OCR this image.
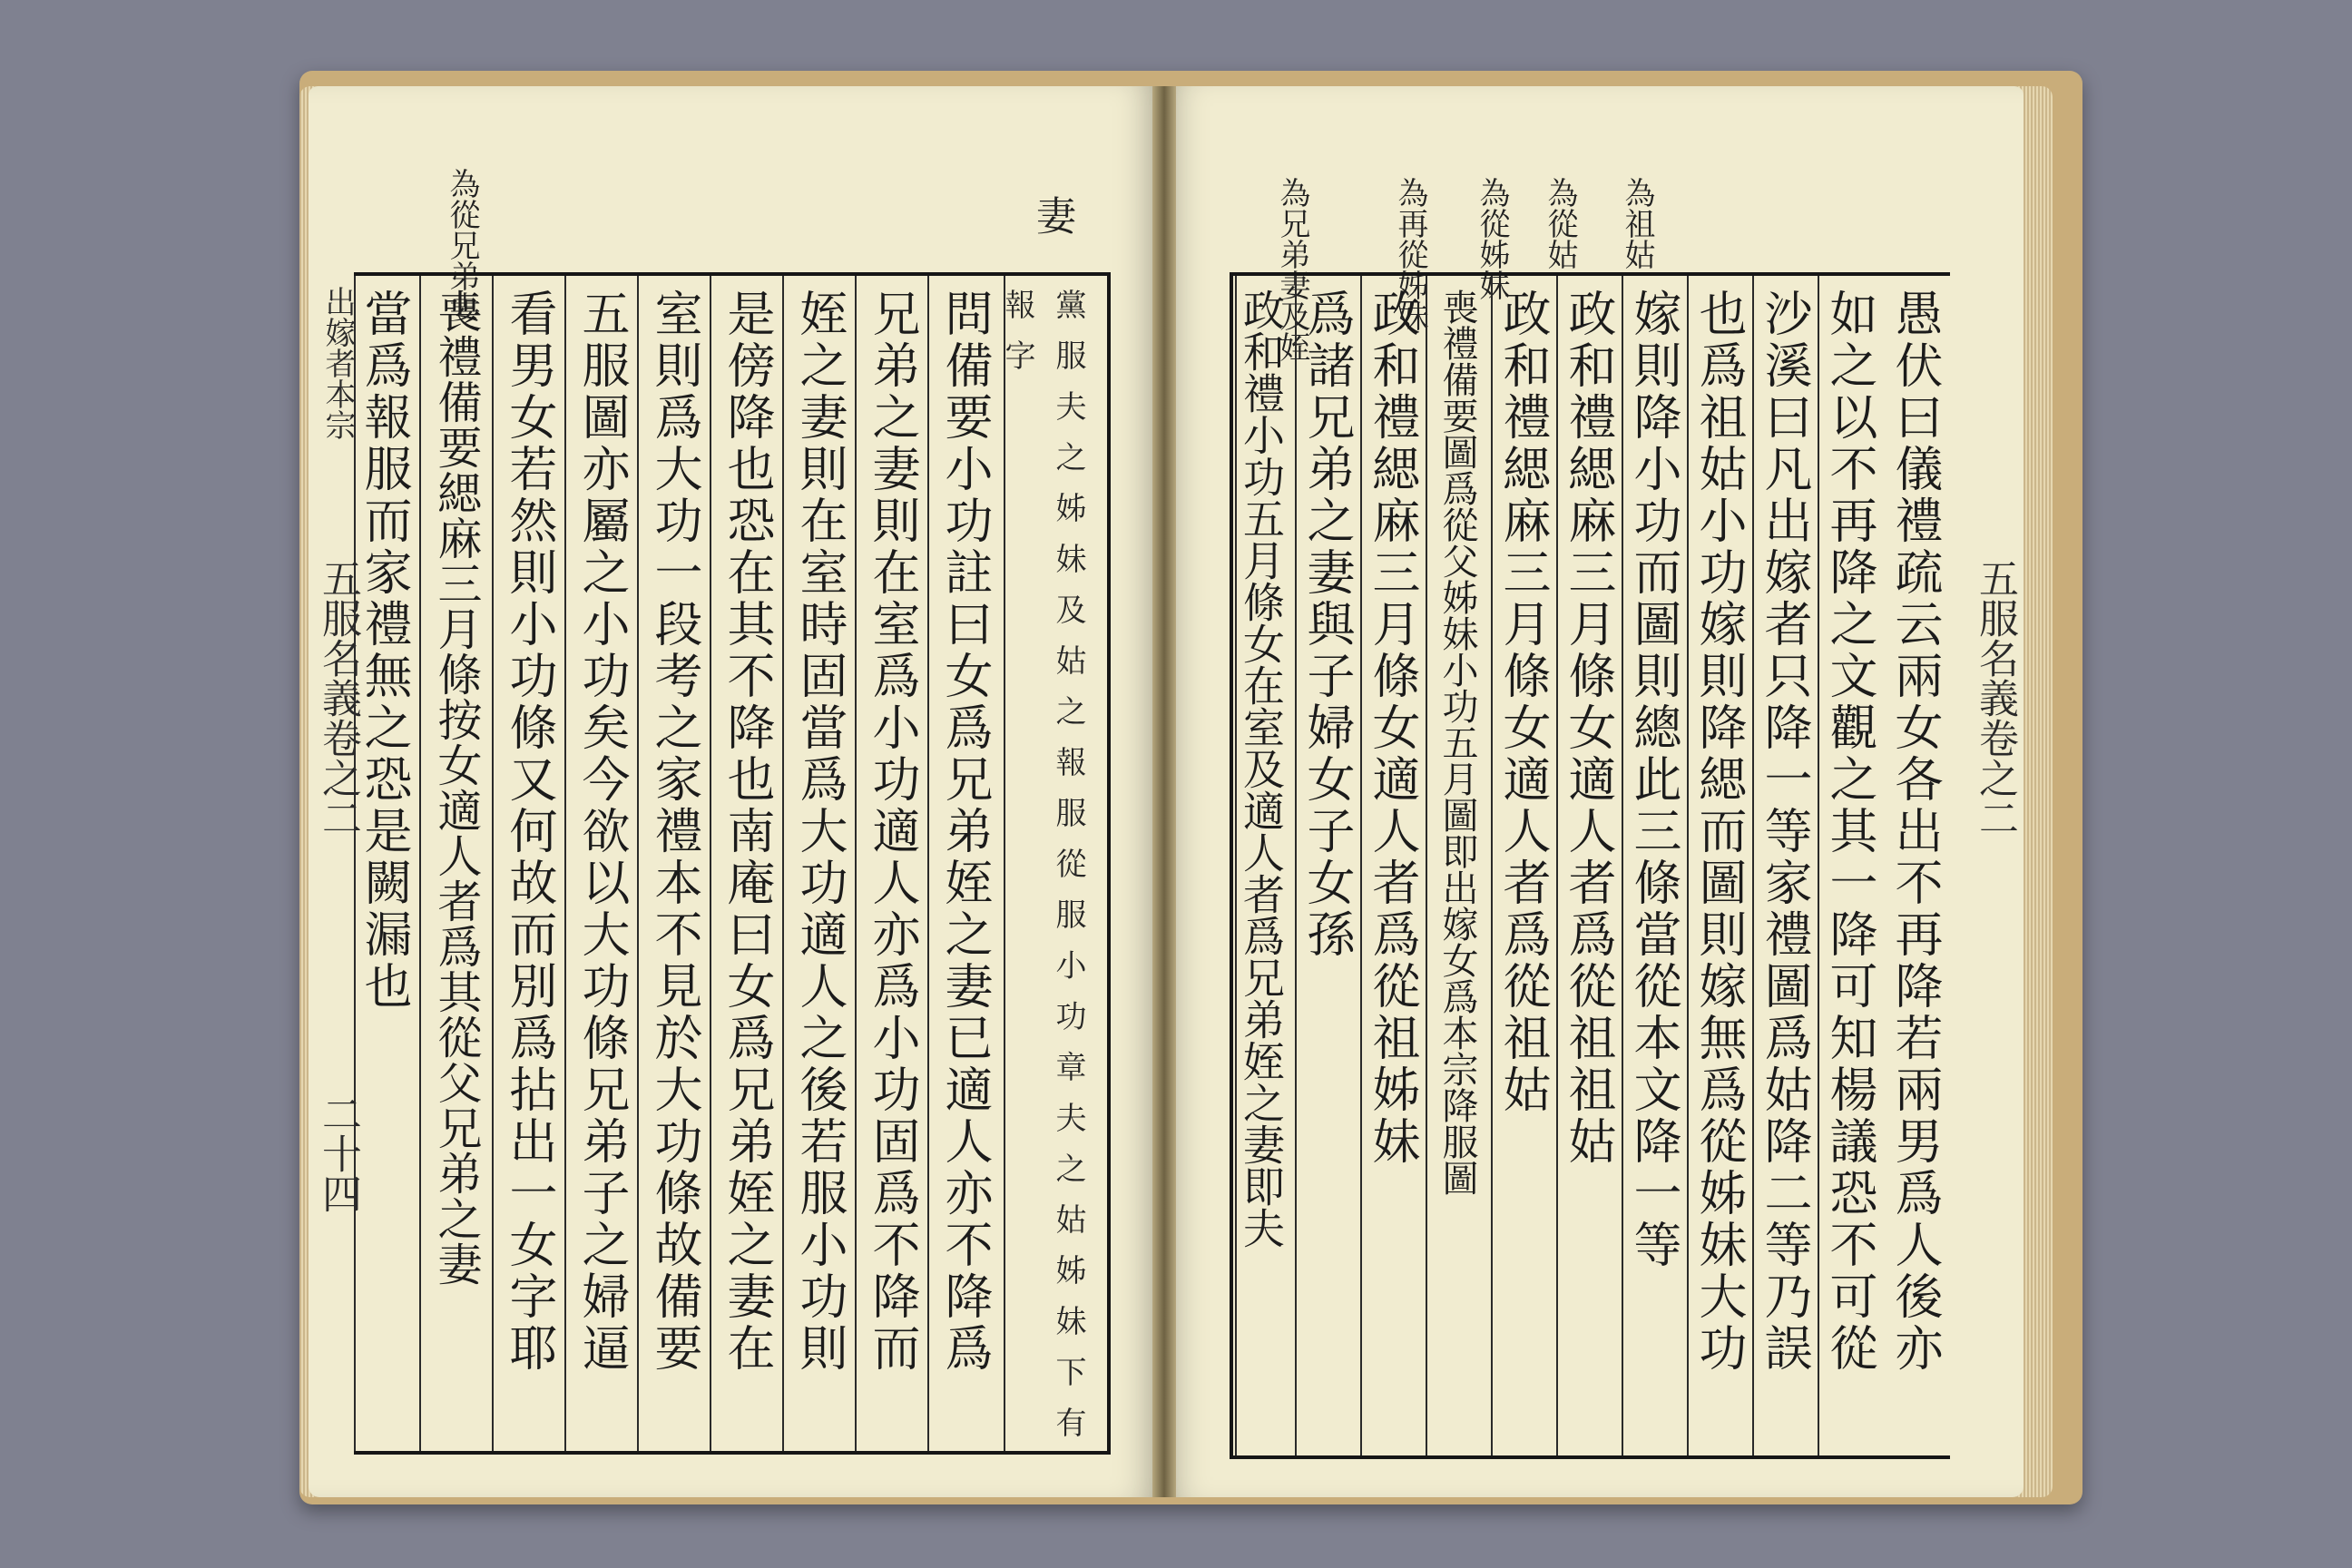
為從兄弟妻	妻
黨服夫之姊妹及姑之報服從服小功章夫之姑姊妹下有
報字
問備要小功註曰女爲兄弟姪之妻已適人亦不降爲
兄弟之妻則在室爲小功適人亦爲小功固爲不降而
姪之妻則在室時固當爲大功適人之後若服小功則
是傍降也恐在其不降也南庵曰女爲兄弟姪之妻在
室則爲大功一段考之家禮本不見於大功條故備要
五服圖亦屬之小功矣今欲以大功條兄弟子之婦逼
看男女若然則小功條又何故而別爲拈出一女字耶
喪禮備要緦麻三月條按女適人者爲其從父兄弟之妻
當爲報服而家禮無之恐是闕漏也
出嫁者本宗
五服名義卷之二
二十四
為祖姑
為從姑
為從姊妹
為再從姊妹
為兄弟妻及姪
愚伏曰儀禮疏云兩女各出不再降若兩男爲人後亦
如之以不再降之文觀之其一降可知楊議恐不可從
沙溪曰凡出嫁者只降一等家禮圖爲姑降二等乃誤
也爲祖姑小功嫁則降緦而圖則嫁無爲從姊妹大功
嫁則降小功而圖則總此三條當從本文降一等
政和禮緦麻三月條女適人者爲從祖祖姑
政和禮緦麻三月條女適人者爲從祖姑
喪禮備要圖爲從父姊妹小功五月圖即出嫁女爲本宗降服圖
政和禮緦麻三月條女適人者爲從祖姊妹
爲諸兄弟之妻與子婦女子女孫
政和禮小功五月條女在室及適人者爲兄弟姪之妻即夫	五服名義卷之二
